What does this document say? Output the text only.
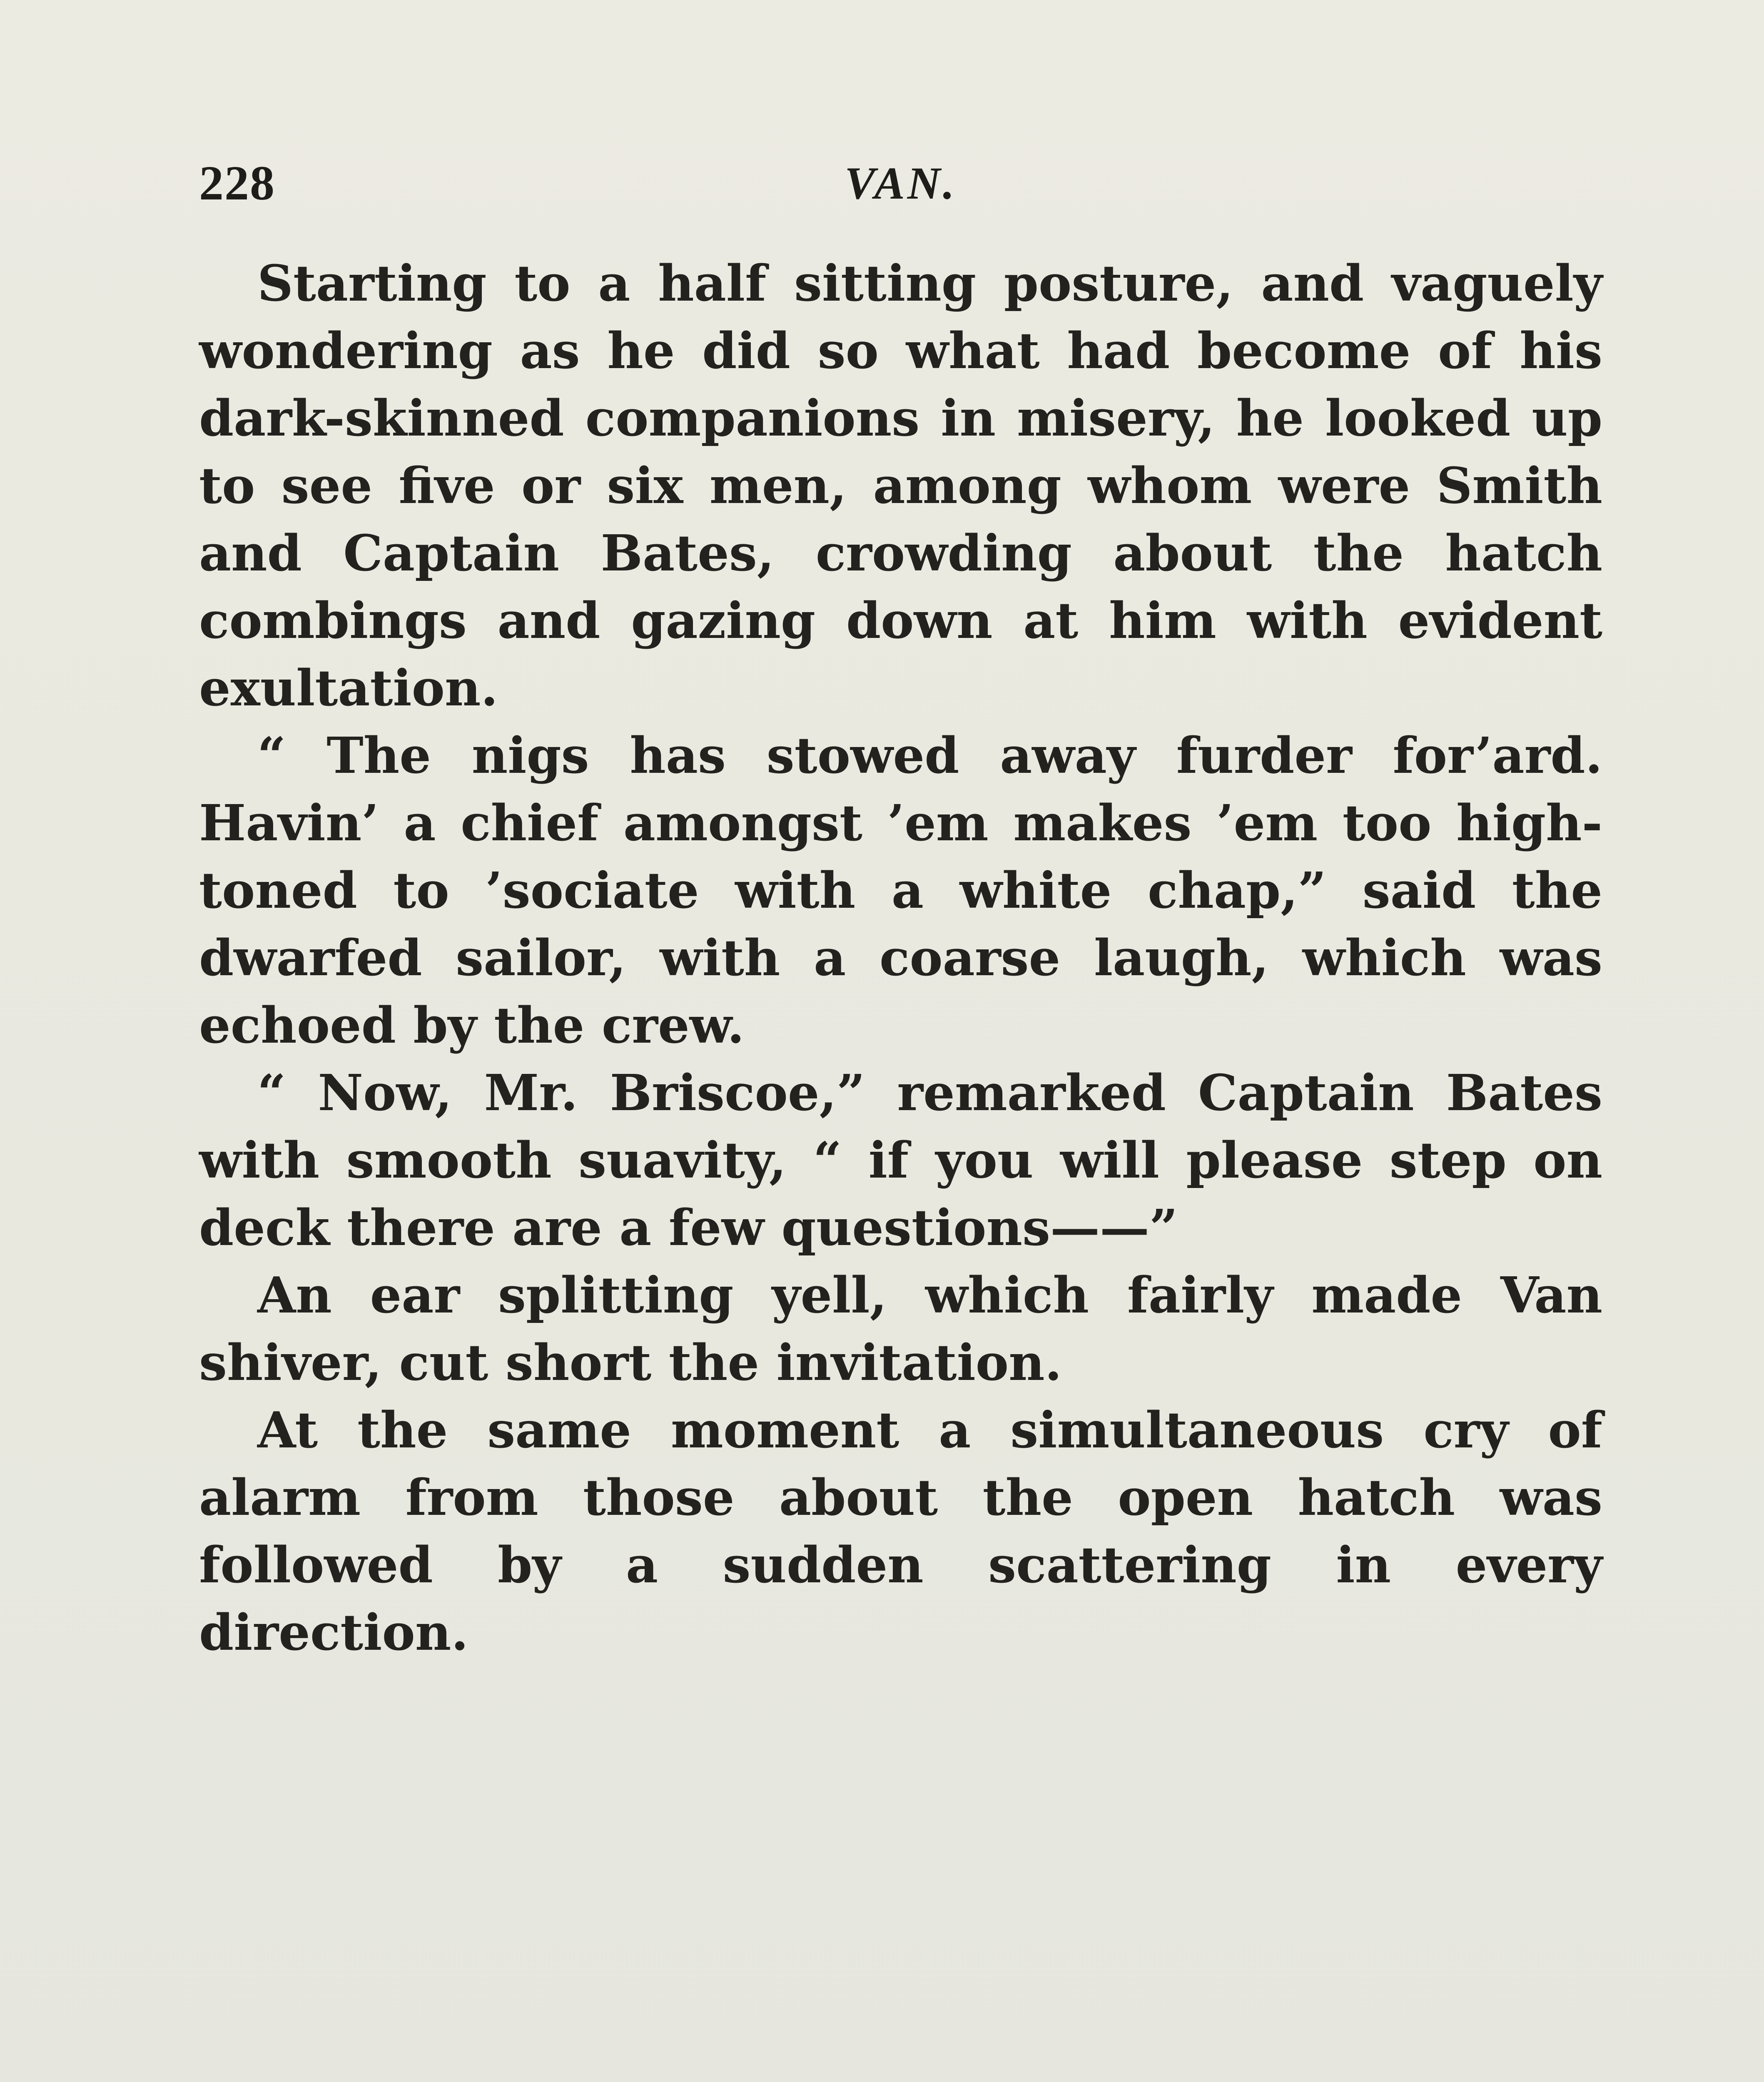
228	VAN.

Starting to a half sitting posture, and vaguely wondering as he did so what had become of his dark-skinned companions in misery, he looked up to see five or six men, among whom were Smith and Captain Bates, crowding about the hatch combings and gazing down at him with evident exultation.

“ The nigs has stowed away furder for’ard. Havin’ a chief amongst ’em makes ’em too high-toned to ’sociate with a white chap,” said the dwarfed sailor, with a coarse laugh, which was echoed by the crew.

“ Now, Mr. Briscoe,” remarked Captain Bates with smooth suavity, “ if you will please step on deck there are a few questions——”

An ear splitting yell, which fairly made Van shiver, cut short the invitation.

At the same moment a simultaneous cry of alarm from those about the open hatch was followed by a sudden scattering in every direction.
